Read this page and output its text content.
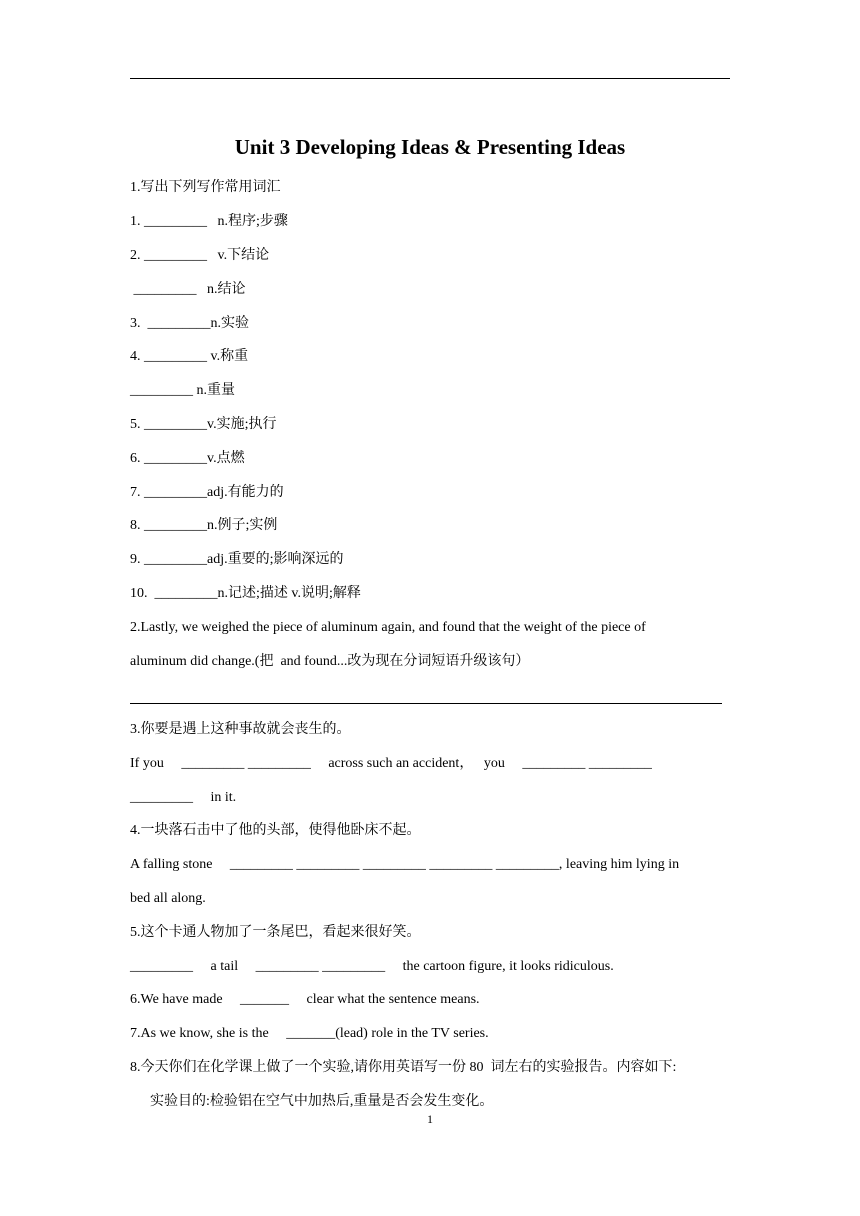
Unit 3 Developing Ideas & Presenting Ideas
1.写出下列写作常用词汇
1. _________   n.程序;步骤
2. _________   v.下结论
_________   n.结论
3.  _________n.实验
4. _________ v.称重
_________ n.重量
5. _________v.实施;执行
6. _________v.点燃
7. _________adj.有能力的
8. _________n.例子;实例
9. _________adj.重要的;影响深远的
10.  _________n.记述;描述 v.说明;解释
2.Lastly, we weighed the piece of aluminum again, and found that the weight of the piece of
aluminum did change.(把  and found...改为现在分词短语升级该句）
3.你要是遇上这种事故就会丧生的。
If you     _________ _________     across such an accident，   you     _________ _________
_________     in it.
4.一块落石击中了他的头部，使得他卧床不起。
A falling stone     _________ _________ _________ _________ _________, leaving him lying in
bed all along.
5.这个卡通人物加了一条尾巴，看起来很好笑。
_________     a tail     _________ _________     the cartoon figure, it looks ridiculous.
6.We have made     _______     clear what the sentence means.
7.As we know, she is the     _______(lead) role in the TV series.
8.今天你们在化学课上做了一个实验,请你用英语写一份 80  词左右的实验报告。内容如下:
实验目的:检验铝在空气中加热后,重量是否会发生变化。
1
